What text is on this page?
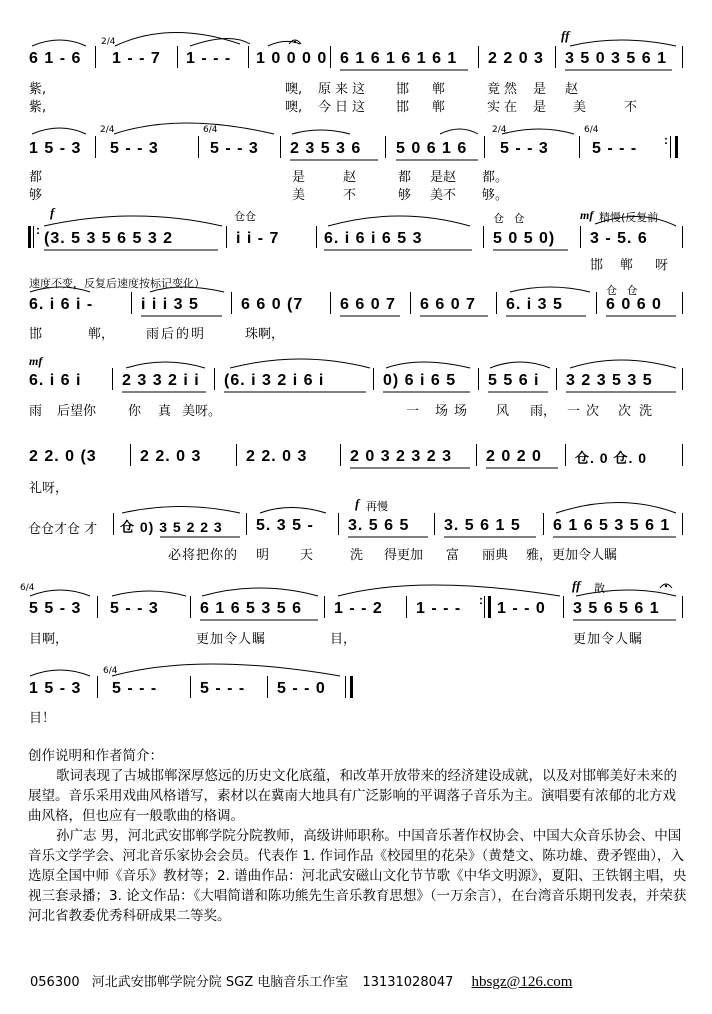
ff
2/4
6 1 - 6 1 - - 7 1 - - - 1 0 0 0 0 6 1 6 1 6 1 6 1 2 2 0 3 3 5 0 3 5 6 1
紫,	噢, 原来这 邯 郸	竟然 是 赵
紫,	噢, 今日这 邯 郸	实在 是 美	不
2/4	6/4	2/4	6/4
1 5 - 3 5 - - 3	5 - - 3 2 3 5 3 6 5 0 6 1 6 5 - - 3	5 - - - :
都	是	赵	都 是赵 都。
够	美	不	够 美不 够。
f	仓仓	仓 仓	mf 精慢(反复前
: (3. 5 3 5 6 5 3 2	i i - 7	6. i 6 i 6 5 3	5 0 5 0) 3 - 5. 6
邯 郸 呀
速度不变，反复后速度按标记变化）
仓 仓
6. i 6 i -	i i i 3 5	6 6 0 (7 6 6 0 7 6 6 0 7 6. i 3 5	6 0 6 0
邯	郸， 雨后的明	珠啊，
mf
6. i 6 i	2 3 3 2 i i (6. i 3 2 i 6 i	0) 6 i 6 5 5 5 6 i 3 2 3 5 3 5
雨 后望你 你 真 美呀。	一 场场 风 雨， 一次 次洗
2 2. 0 (3	2 2. 0 3	2 2. 0 3	2 0 3 2 3 2 3 2 0 2 0 仓. 0 仓. 0
礼呀，
f 再慢
仓仓才仓 才 仓 0) 3 5 2 2 3 5. 3 5 - 3. 5 6 5 3. 5 6 1 5 6 1 6 5 3 5 6 1
必将把你的 明 天	洗 得更加 富 丽典 雅，更加令人瞩
6/4	ff 散
5 5 - 3 5 - - 3	6 1 6 5 3 5 6 1 - - 2 1 - - - 1 - - 0 3 5 6 5 6 1
:
目啊，	更加令人瞩	目，	更加令人瞩
6/4
1 5 - 3 5 - - -	5 - - - 5 - - 0
目！
创作说明和作者简介：

歌词表现了古城邯郸深厚悠远的历史文化底蕴，和改革开放带来的经济建设成就，以及对邯郸美好未来的展望。音乐采用戏曲风格谱写，素材以在冀南大地具有广泛影响的平调落子音乐为主。演唱要有浓郁的北方戏曲风格，但也应有一般歌曲的格调。

孙广志 男，河北武安邯郸学院分院教师，高级讲师职称。中国音乐著作权协会、中国大众音乐协会、中国音乐文学学会、河北音乐家协会会员。代表作 1. 作词作品《校园里的花朵》（黄楚文、陈功雄、费矛铿曲），入选原全国中师《音乐》教材等；2. 谱曲作品：河北武安磁山文化节节歌《中华文明源》，夏阳、王铁钢主唱，央视三套录播；3. 论文作品：《大唱简谱和陈功熊先生音乐教育思想》（一万余言），在台湾音乐期刊发表，并荣获河北省教委优秀科研成果二等奖。

056300 河北武安邯郸学院分院 SGZ 电脑音乐工作室 13131028047 hbsgz@126.com
